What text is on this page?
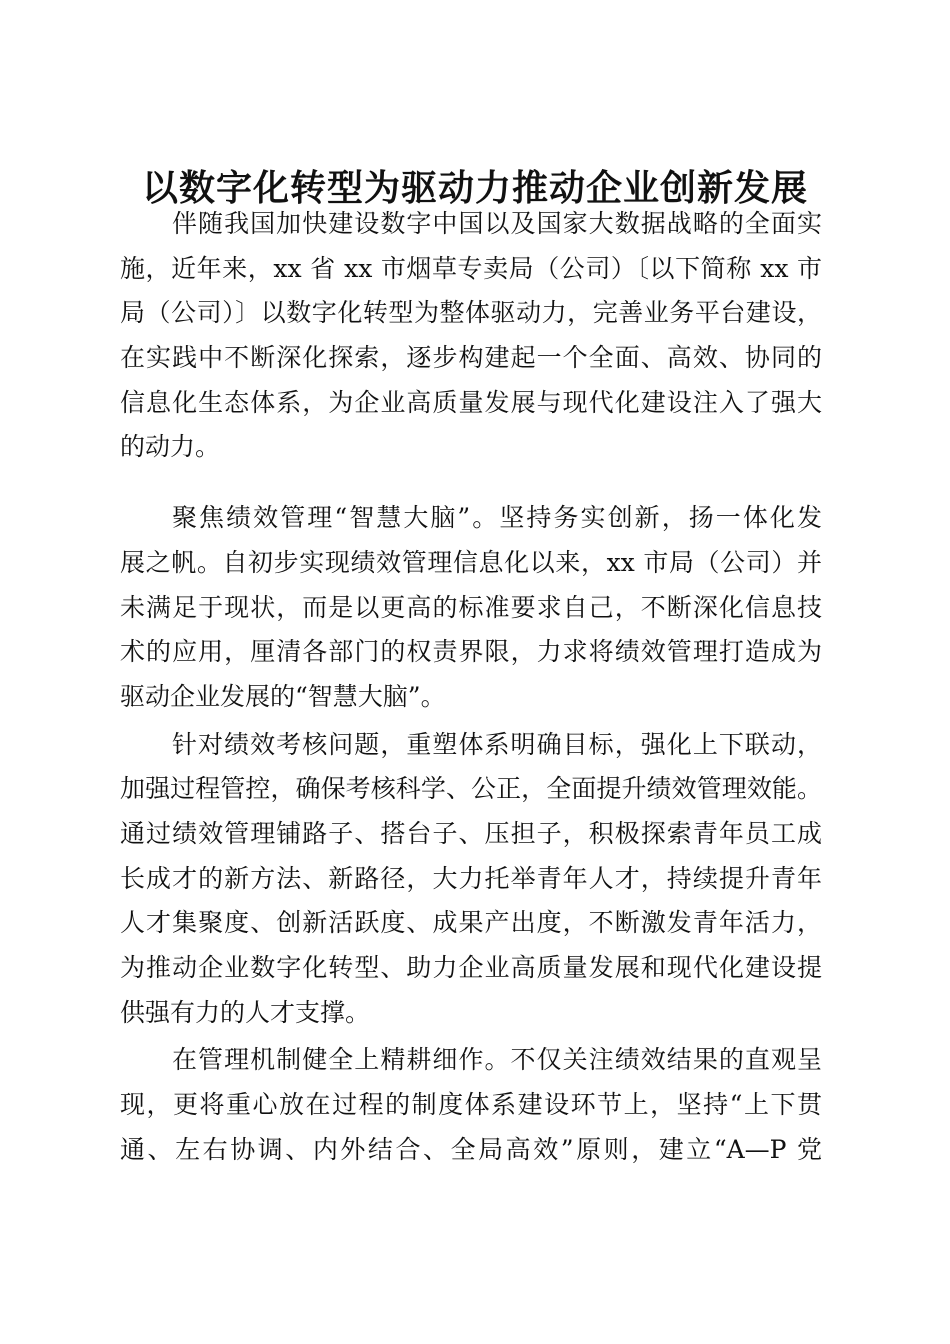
以数字化转型为驱动力推动企业创新发展
伴随我国加快建设数字中国以及国家大数据战略的全面实
施，近年来，xx 省 xx 市烟草专卖局（公司）〔以下简称 xx 市
局（公司）〕以数字化转型为整体驱动力，完善业务平台建设，
在实践中不断深化探索，逐步构建起一个全面、高效、协同的
信息化生态体系，为企业高质量发展与现代化建设注入了强大
的动力。
聚焦绩效管理“智慧大脑”。坚持务实创新，扬一体化发
展之帆。自初步实现绩效管理信息化以来，xx 市局（公司）并
未满足于现状，而是以更高的标准要求自己，不断深化信息技
术的应用，厘清各部门的权责界限，力求将绩效管理打造成为
驱动企业发展的“智慧大脑”。
针对绩效考核问题，重塑体系明确目标，强化上下联动，
加强过程管控，确保考核科学、公正，全面提升绩效管理效能。
通过绩效管理铺路子、搭台子、压担子，积极探索青年员工成
长成才的新方法、新路径，大力托举青年人才，持续提升青年
人才集聚度、创新活跃度、成果产出度，不断激发青年活力，
为推动企业数字化转型、助力企业高质量发展和现代化建设提
供强有力的人才支撑。
在管理机制健全上精耕细作。不仅关注绩效结果的直观呈
现，更将重心放在过程的制度体系建设环节上，坚持“上下贯
通、左右协调、内外结合、全局高效”原则，建立“A—P 党
